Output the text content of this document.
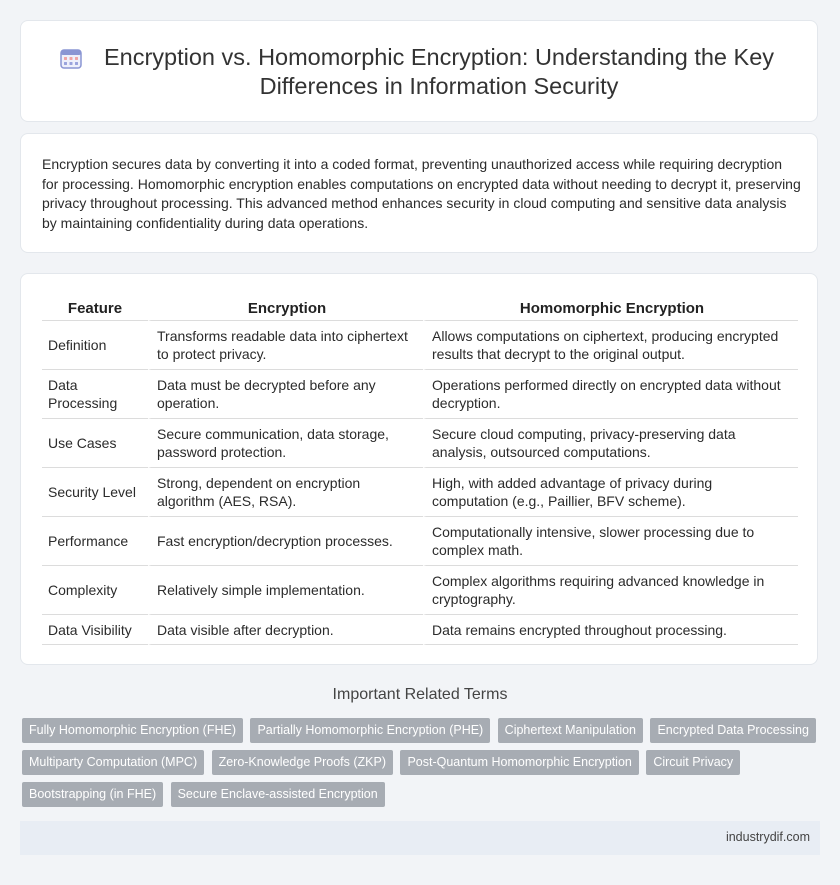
Encryption vs. Homomorphic Encryption: Understanding the Key Differences in Information Security

Encryption secures data by converting it into a coded format, preventing unauthorized access while requiring decryption for processing. Homomorphic encryption enables computations on encrypted data without needing to decrypt it, preserving privacy throughout processing. This advanced method enhances security in cloud computing and sensitive data analysis by maintaining confidentiality during data operations.

Feature	Encryption	Homomorphic Encryption
Definition	Transforms readable data into ciphertext to protect privacy.	Allows computations on ciphertext, producing encrypted results that decrypt to the original output.
Data Processing	Data must be decrypted before any operation.	Operations performed directly on encrypted data without decryption.
Use Cases	Secure communication, data storage, password protection.	Secure cloud computing, privacy-preserving data analysis, outsourced computations.
Security Level	Strong, dependent on encryption algorithm (AES, RSA).	High, with added advantage of privacy during computation (e.g., Paillier, BFV scheme).
Performance	Fast encryption/decryption processes.	Computationally intensive, slower processing due to complex math.
Complexity	Relatively simple implementation.	Complex algorithms requiring advanced knowledge in cryptography.
Data Visibility	Data visible after decryption.	Data remains encrypted throughout processing.
Important Related Terms
Fully Homomorphic Encryption (FHE) Partially Homomorphic Encryption (PHE) Ciphertext Manipulation Encrypted Data Processing Multiparty Computation (MPC) Zero-Knowledge Proofs (ZKP) Post-Quantum Homomorphic Encryption Circuit Privacy Bootstrapping (in FHE) Secure Enclave-assisted Encryption
industrydif.com
